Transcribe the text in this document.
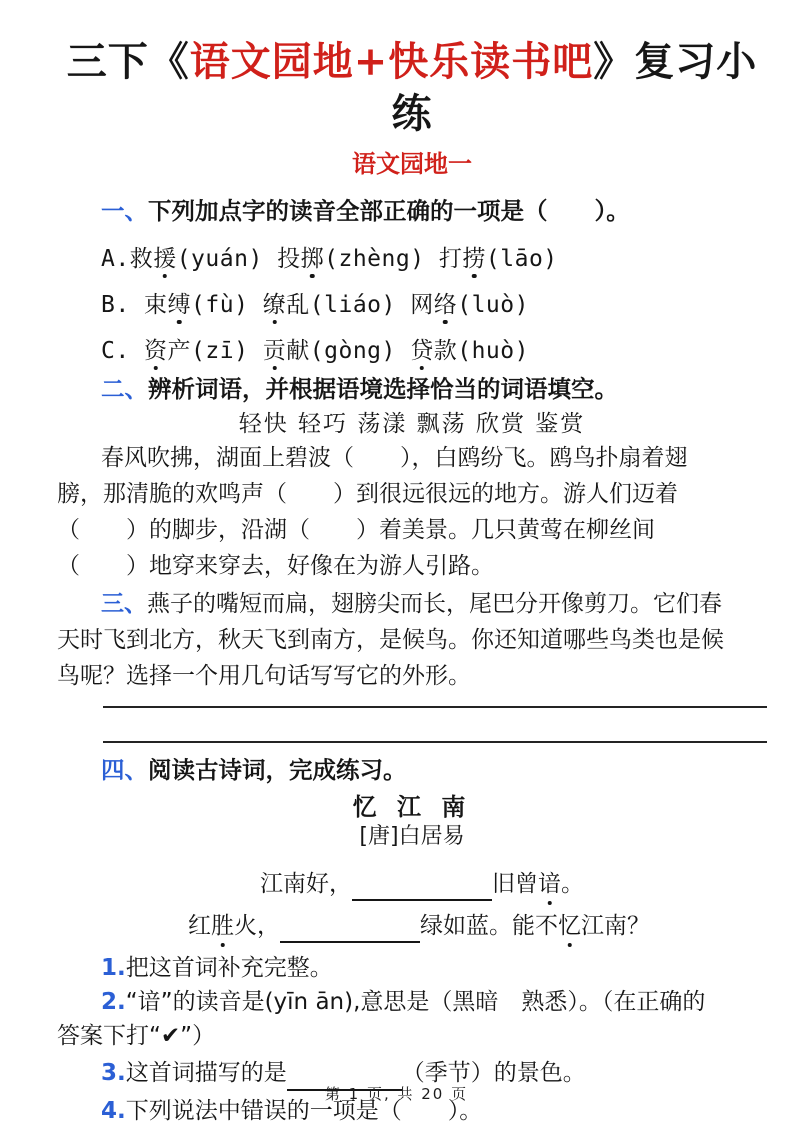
三下《语文园地+快乐读书吧》复习小练
语文园地一
一、下列加点字的读音全部正确的一项是（　　）。
A.救援(yuán) 投掷(zhèng) 打捞(lāo)
B. 束缚(fù) 缭乱(liáo) 网络(luò)
C. 资产(zī) 贡献(gòng) 贷款(huò)
二、辨析词语，并根据语境选择恰当的词语填空。
轻快 轻巧 荡漾 飘荡 欣赏 鉴赏
春风吹拂，湖面上碧波（　　），白鸥纷飞。鸥鸟扑扇着翅
膀，那清脆的欢鸣声（　　）到很远很远的地方。游人们迈着
（　　）的脚步，沿湖（　　）着美景。几只黄莺在柳丝间
（　　）地穿来穿去，好像在为游人引路。
三、燕子的嘴短而扁，翅膀尖而长，尾巴分开像剪刀。它们春
天时飞到北方，秋天飞到南方，是候鸟。你还知道哪些鸟类也是候
鸟呢？选择一个用几句话写写它的外形。
四、阅读古诗词，完成练习。
忆 江 南
[唐]白居易
江南好，	旧曾谙。
红胜火，	绿如蓝。能不忆江南？
1.把这首词补充完整。
2.“谙”的读音是(yīn ān),意思是（黑暗　熟悉）。（在正确的
答案下打“✔”）
3.这首词描写的是	（季节）的景色。
4.下列说法中错误的一项是（　　）。
第 1 页, 共 20 页
